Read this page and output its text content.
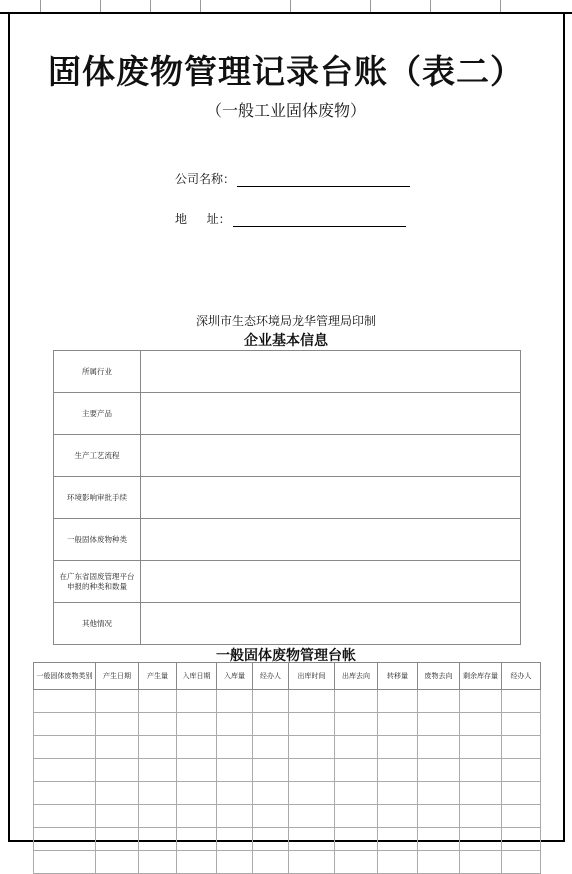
固体废物管理记录台账（表二）
（一般工业固体废物）
公司名称：
地　  址：
深圳市生态环境局龙华管理局印制
企业基本信息
所属行业	
主要产品	
生产工艺流程	
环境影响审批手续	
一般固体废物种类	
在广东省固废管理平台申报的种类和数量	
其他情况	
一般固体废物管理台帐
一般固体废物类别	产生日期	产生量	入库日期	入库量	经办人	出库时间	出库去向	转移量	废物去向	剩余库存量	经办人
